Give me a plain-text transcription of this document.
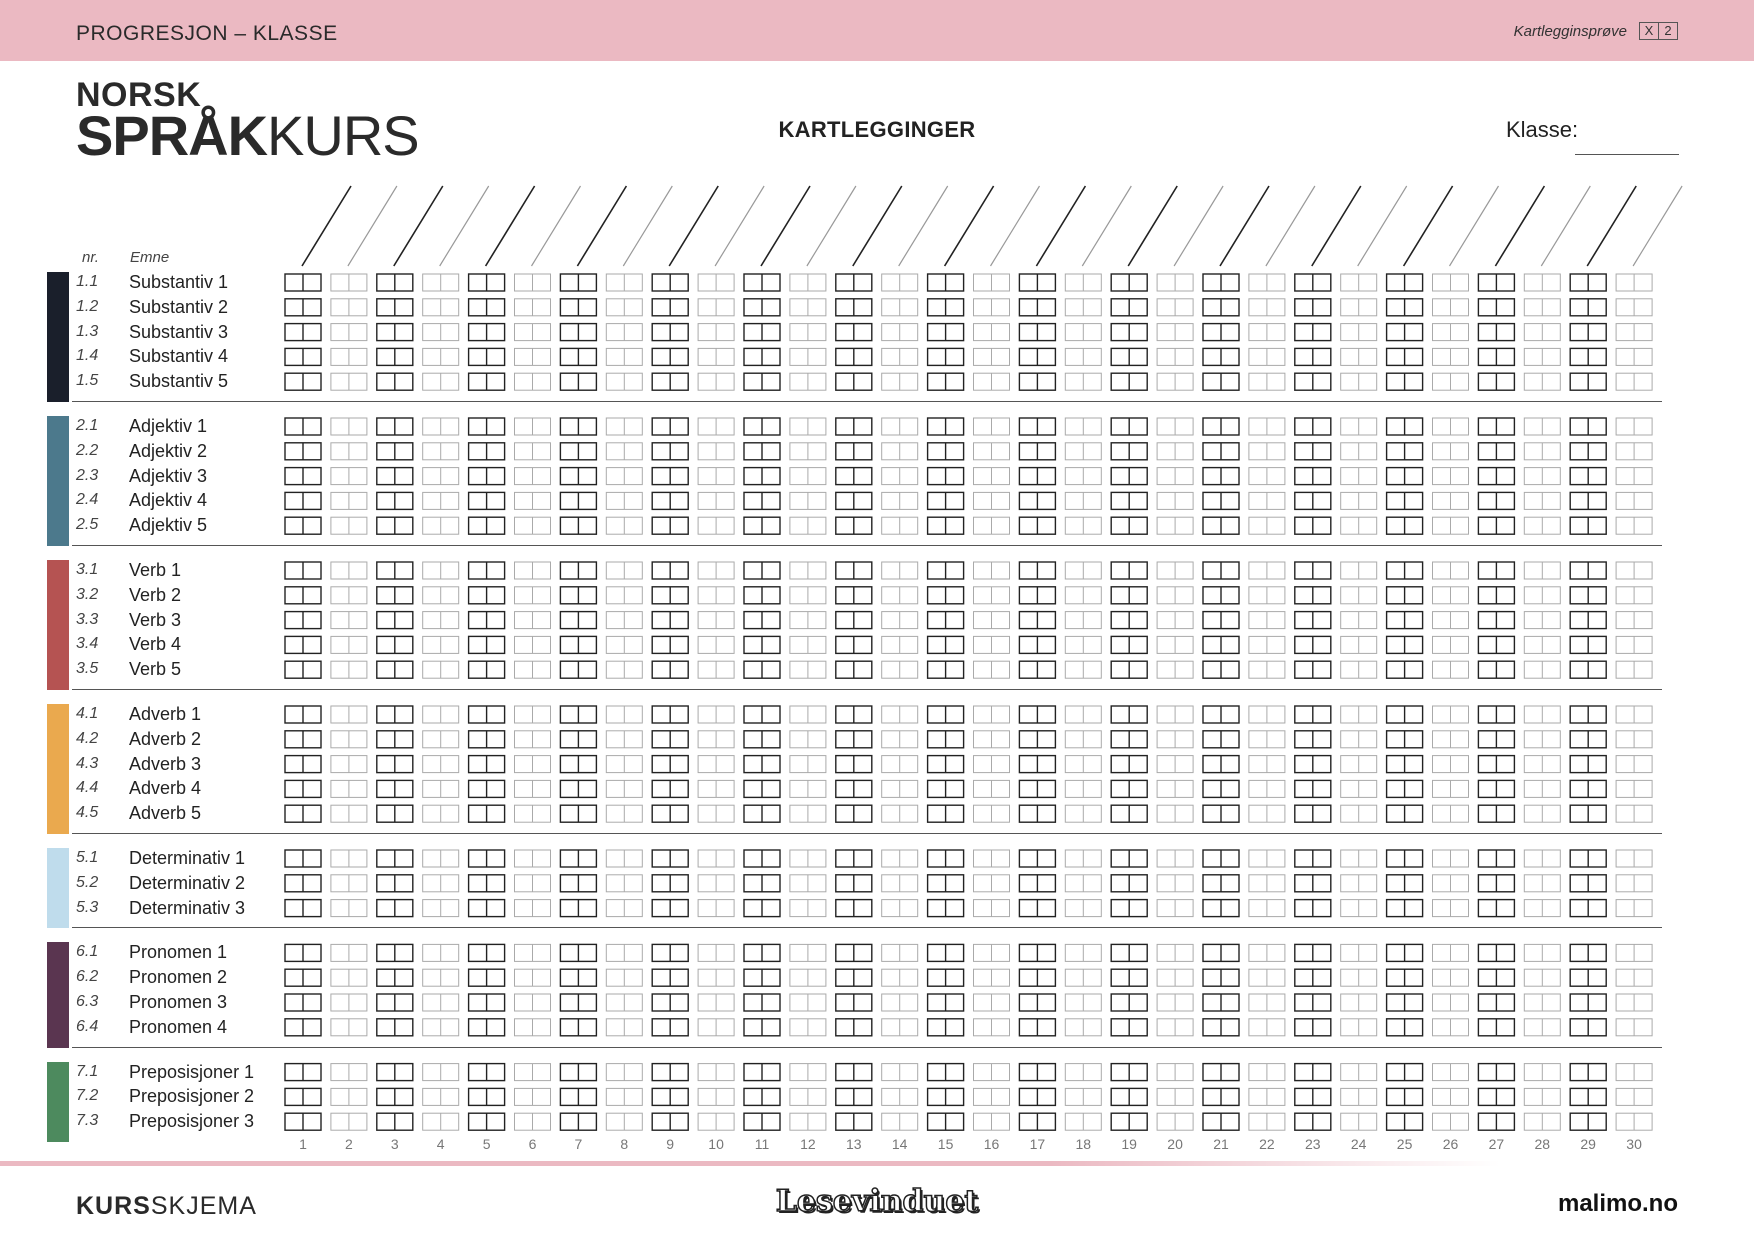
PROGRESJON – KLASSE	Kartlegginsprøve	X 2
NORSK
SPRÅKKURS	KARTLEGGINGER	Klasse:
nr. Emne
1.1 Substantiv 1
1.2 Substantiv 2
1.3 Substantiv 3
1.4 Substantiv 4
1.5 Substantiv 5
2.1 Adjektiv 1
2.2 Adjektiv 2
2.3 Adjektiv 3
2.4 Adjektiv 4
2.5 Adjektiv 5
3.1 Verb 1
3.2 Verb 2
3.3 Verb 3
3.4 Verb 4
3.5 Verb 5
4.1 Adverb 1
4.2 Adverb 2
4.3 Adverb 3
4.4 Adverb 4
4.5 Adverb 5
5.1 Determinativ 1
5.2 Determinativ 2
5.3 Determinativ 3
6.1 Pronomen 1
6.2 Pronomen 2
6.3 Pronomen 3
6.4 Pronomen 4
7.1 Preposisjoner 1
7.2 Preposisjoner 2
7.3 Preposisjoner 3
1	2	3	4	5	6	7	8	9	10	11	12	13	14	15	16	17	18	19	20	21	22	23	24	25	26	27	28	29	30
KURSSKJEMA	Lesevinduet	malimo.no
